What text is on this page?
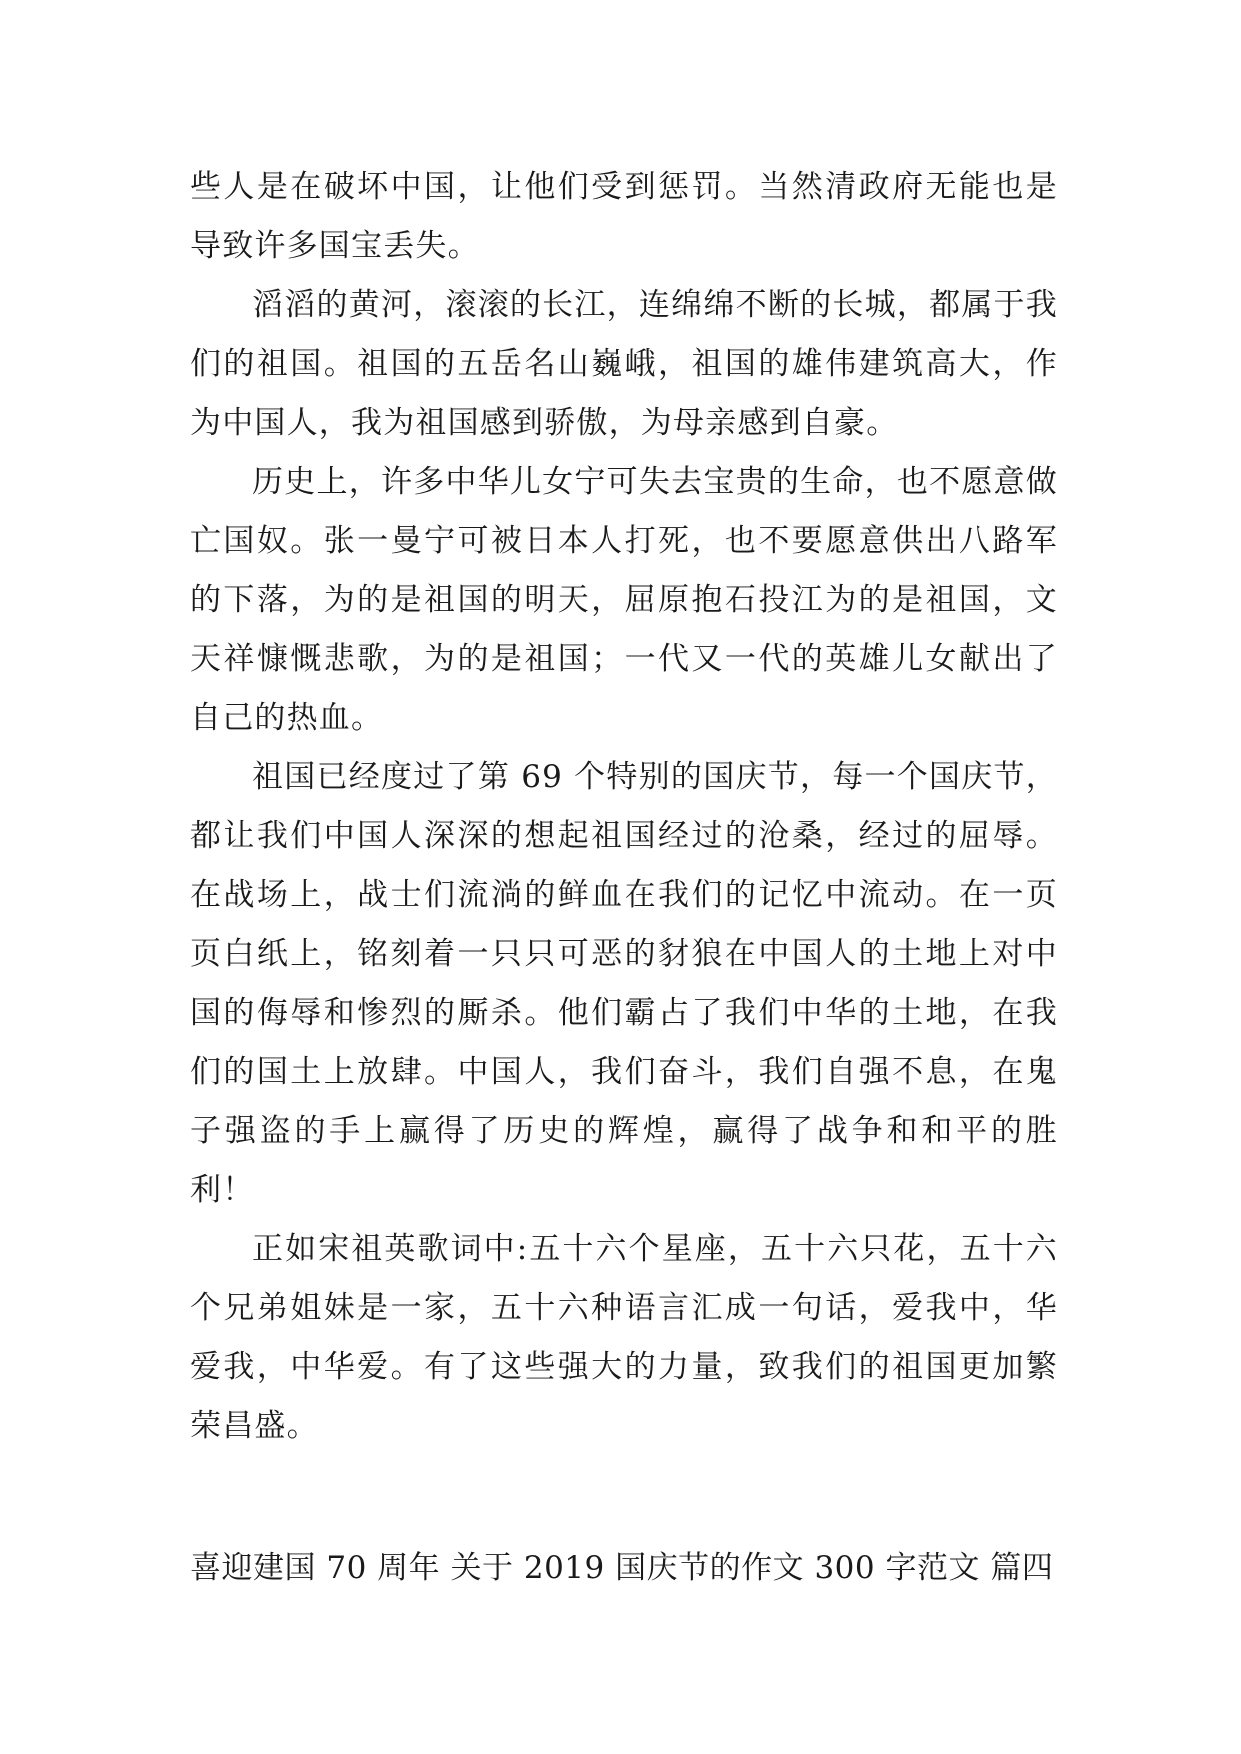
些人是在破坏中国，让他们受到惩罚。当然清政府无能也是导致许多国宝丢失。

滔滔的黄河，滚滚的长江，连绵绵不断的长城，都属于我们的祖国。祖国的五岳名山巍峨，祖国的雄伟建筑高大，作为中国人，我为祖国感到骄傲，为母亲感到自豪。

历史上，许多中华儿女宁可失去宝贵的生命，也不愿意做亡国奴。张一曼宁可被日本人打死，也不要愿意供出八路军的下落，为的是祖国的明天，屈原抱石投江为的是祖国，文天祥慷慨悲歌，为的是祖国；一代又一代的英雄儿女献出了自己的热血。

祖国已经度过了第 69 个特别的国庆节，每一个国庆节，都让我们中国人深深的想起祖国经过的沧桑，经过的屈辱。在战场上，战士们流淌的鲜血在我们的记忆中流动。在一页页白纸上，铭刻着一只只可恶的豺狼在中国人的土地上对中国的侮辱和惨烈的厮杀。他们霸占了我们中华的土地，在我们的国土上放肆。中国人，我们奋斗，我们自强不息，在鬼子强盗的手上赢得了历史的辉煌，赢得了战争和和平的胜利！

正如宋祖英歌词中:五十六个星座，五十六只花，五十六个兄弟姐妹是一家，五十六种语言汇成一句话，爱我中，华爱我，中华爱。有了这些强大的力量，致我们的祖国更加繁荣昌盛。

喜迎建国 70 周年 关于 2019 国庆节的作文 300 字范文 篇四
